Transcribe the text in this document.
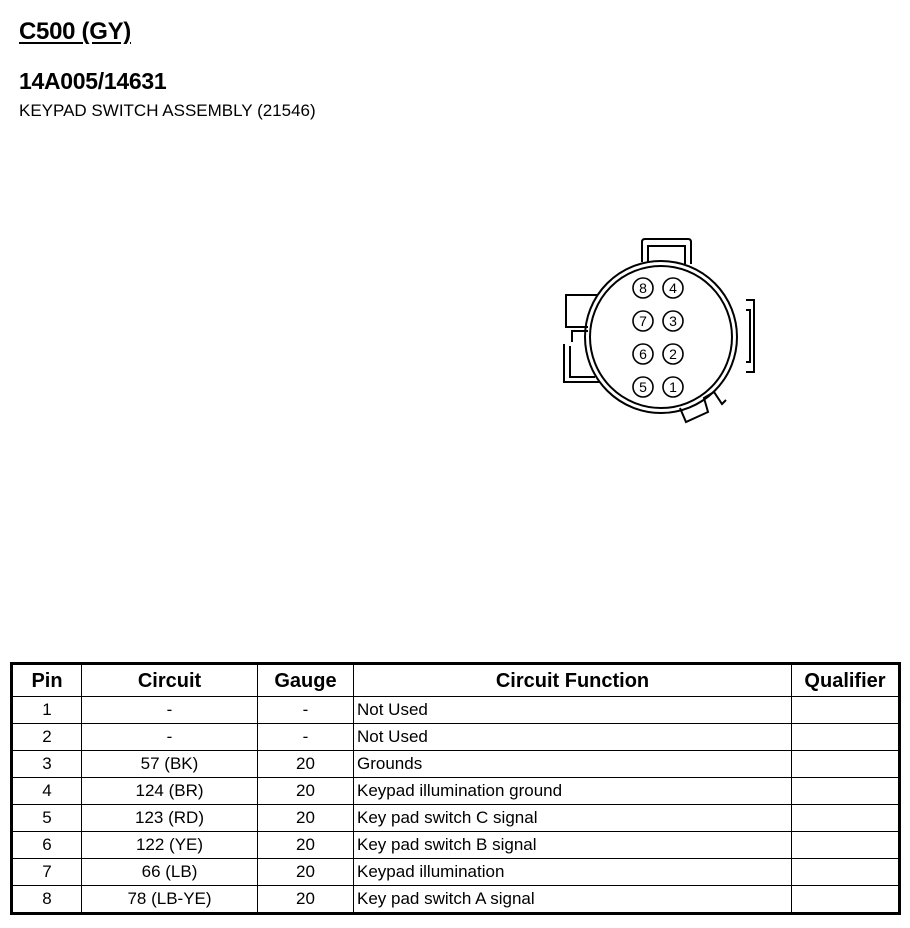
C500 (GY)
14A005/14631
KEYPAD SWITCH ASSEMBLY (21546)
8 4
7 3
6 2
5 1
Pin	Circuit	Gauge	Circuit Function	Qualifier
1	-	-	Not Used	
2	-	-	Not Used	
3	57 (BK)	20	Grounds	
4	124 (BR)	20	Keypad illumination ground	
5	123 (RD)	20	Key pad switch C signal	
6	122 (YE)	20	Key pad switch B signal	
7	66 (LB)	20	Keypad illumination	
8	78 (LB-YE)	20	Key pad switch A signal	
